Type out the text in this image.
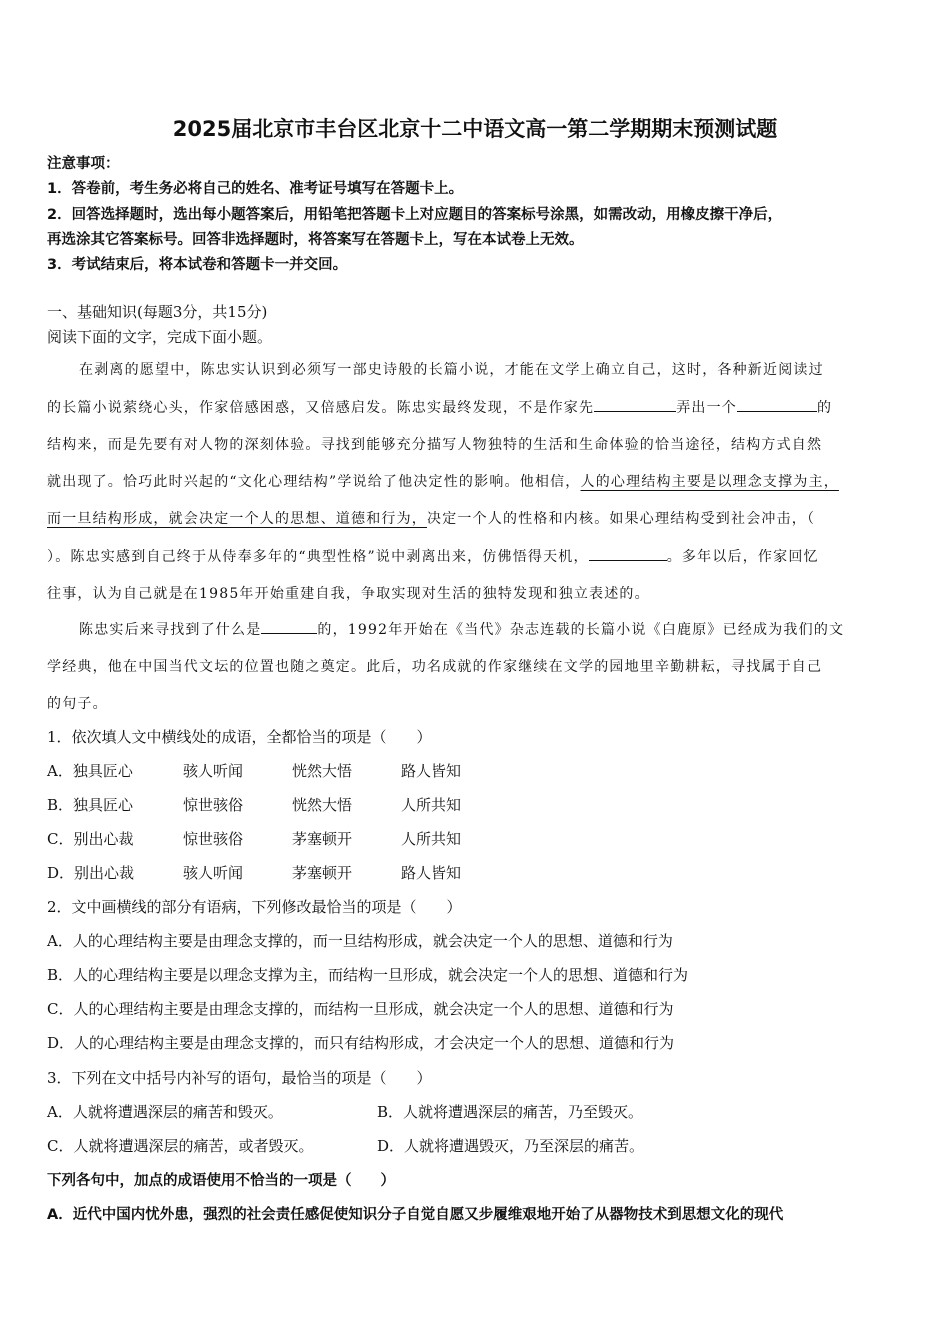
2025届北京市丰台区北京十二中语文高一第二学期期末预测试题
注意事项：
1．答卷前，考生务必将自己的姓名、准考证号填写在答题卡上。
2．回答选择题时，选出每小题答案后，用铅笔把答题卡上对应题目的答案标号涂黑，如需改动，用橡皮擦干净后，
再选涂其它答案标号。回答非选择题时，将答案写在答题卡上，写在本试卷上无效。
3．考试结束后，将本试卷和答题卡一并交回。
一、基础知识(每题3分，共15分)
阅读下面的文字，完成下面小题。
在剥离的愿望中，陈忠实认识到必须写一部史诗般的长篇小说，才能在文学上确立自己，这时，各种新近阅读过
的长篇小说萦绕心头，作家倍感困惑，又倍感启发。陈忠实最终发现，不是作家先	弄出一个	的
结构来，而是先要有对人物的深刻体验。寻找到能够充分描写人物独特的生活和生命体验的恰当途径，结构方式自然
就出现了。恰巧此时兴起的“文化心理结构”学说给了他决定性的影响。他相信，人的心理结构主要是以理念支撑为主，
而一旦结构形成，就会决定一个人的思想、道德和行为，决定一个人的性格和内核。如果心理结构受到社会冲击，（
）。陈忠实感到自己终于从侍奉多年的“典型性格”说中剥离出来，仿佛悟得天机，	。多年以后，作家回忆
往事，认为自己就是在1985年开始重建自我，争取实现对生活的独特发现和独立表述的。
陈忠实后来寻找到了什么是	的，1992年开始在《当代》杂志连载的长篇小说《白鹿原》已经成为我们的文
学经典，他在中国当代文坛的位置也随之奠定。此后，功名成就的作家继续在文学的园地里辛勤耕耘，寻找属于自己
的句子。
1．依次填人文中横线处的成语，全都恰当的项是（　　）
A．独具匠心	骇人听闻	恍然大悟	路人皆知
B．独具匠心	惊世骇俗	恍然大悟	人所共知
C．别出心裁	惊世骇俗	茅塞顿开	人所共知
D．别出心裁	骇人听闻	茅塞顿开	路人皆知
2．文中画横线的部分有语病，下列修改最恰当的项是（　　）
A．人的心理结构主要是由理念支撑的，而一旦结构形成，就会决定一个人的思想、道德和行为
B．人的心理结构主要是以理念支撑为主，而结构一旦形成，就会决定一个人的思想、道德和行为
C．人的心理结构主要是由理念支撑的，而结构一旦形成，就会决定一个人的思想、道德和行为
D．人的心理结构主要是由理念支撑的，而只有结构形成，才会决定一个人的思想、道德和行为
3．下列在文中括号内补写的语句，最恰当的项是（　　）
A．人就将遭遇深层的痛苦和毁灭。	B．人就将遭遇深层的痛苦，乃至毁灭。
C．人就将遭遇深层的痛苦，或者毁灭。	D．人就将遭遇毁灭，乃至深层的痛苦。
下列各句中，加点的成语使用不恰当的一项是（　　）
A．近代中国内忧外患，强烈的社会责任感促使知识分子自觉自愿又步履维艰地开始了从器物技术到思想文化的现代
